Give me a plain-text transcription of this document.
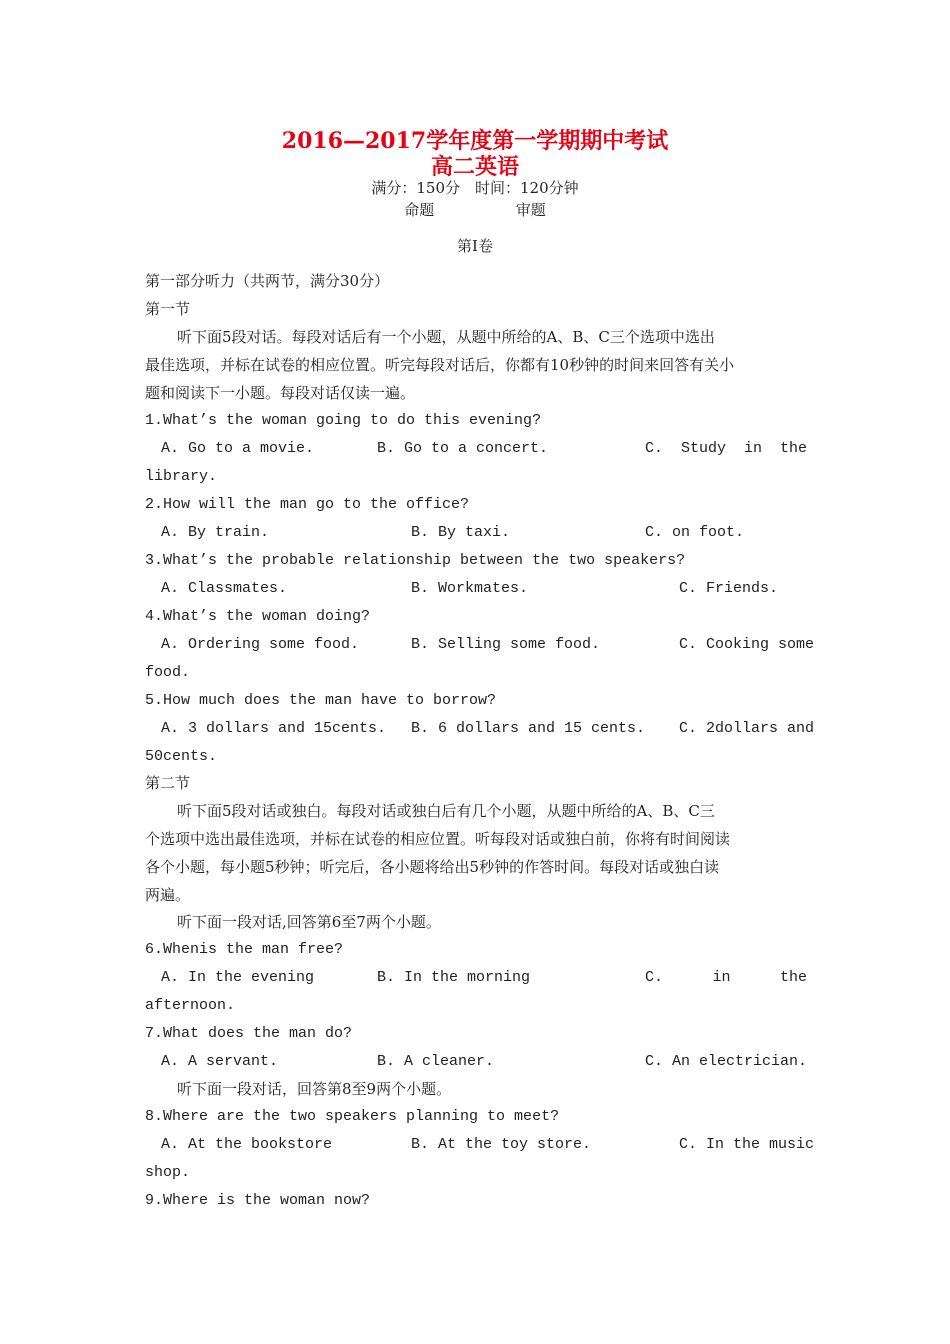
2016—2017学年度第一学期期中考试
高二英语
满分：150分　时间：120分钟
命题	审题
第I卷
第一部分听力（共两节，满分30分）
第一节
听下面5段对话。每段对话后有一个小题，从题中所给的A、B、C三个选项中选出
最佳选项，并标在试卷的相应位置。听完每段对话后，你都有10秒钟的时间来回答有关小
题和阅读下一小题。每段对话仅读一遍。
1.What’s the woman going to do this evening?
A. Go to a movie.	B. Go to a concert.	C. Study in the
library.
2.How will the man go to the office?
A. By train.	B. By taxi.	C. on foot.
3.What’s the probable relationship between the two speakers?
A. Classmates.	B. Workmates.	C. Friends.
4.What’s the woman doing?
A. Ordering some food.	B. Selling some food.	C. Cooking some
food.
5.How much does the man have to borrow?
A. 3 dollars and 15cents. B. 6 dollars and 15 cents. C. 2dollars and
50cents.
第二节
听下面5段对话或独白。每段对话或独白后有几个小题，从题中所给的A、B、C三
个选项中选出最佳选项，并标在试卷的相应位置。听每段对话或独白前，你将有时间阅读
各个小题，每小题5秒钟；听完后，各小题将给出5秒钟的作答时间。每段对话或独白读
两遍。
听下面一段对话,回答第6至7两个小题。
6.Whenis the man free?
A. In the evening	B. In the morning	C.	in	the
afternoon.
7.What does the man do?
A. A servant.	B. A cleaner.	C. An electrician.
听下面一段对话，回答第8至9两个小题。
8.Where are the two speakers planning to meet?
A. At the bookstore	B. At the toy store.	C. In the music
shop.
9.Where is the woman now?
